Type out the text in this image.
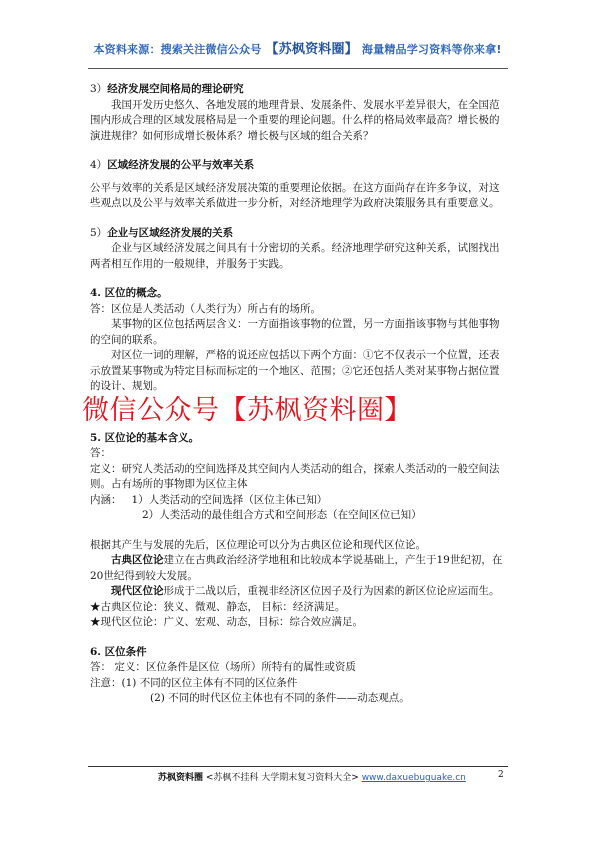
本资料来源：搜索关注微信公众号 【苏枫资料圈】 海量精品学习资料等你来拿!

3）经济发展空间格局的理论研究

我国开发历史悠久、各地发展的地理背景、发展条件、发展水平差异很大，在全国范围内形成合理的区域发展格局是一个重要的理论问题。什么样的格局效率最高？增长极的演进规律？如何形成增长极体系？增长极与区域的组合关系？

4）区域经济发展的公平与效率关系

公平与效率的关系是区域经济发展决策的重要理论依据。在这方面尚存在许多争议，对这些观点以及公平与效率关系做进一步分析，对经济地理学为政府决策服务具有重要意义。

5）企业与区域经济发展的关系

企业与区域经济发展之间具有十分密切的关系。经济地理学研究这种关系，试图找出两者相互作用的一般规律，并服务于实践。

4. 区位的概念。

答：区位是人类活动（人类行为）所占有的场所。

某事物的区位包括两层含义：一方面指该事物的位置，另一方面指该事物与其他事物的空间的联系。

对区位一词的理解，严格的说还应包括以下两个方面：①它不仅表示一个位置，还表示放置某事物或为特定目标而标定的一个地区、范围；②它还包括人类对某事物占据位置的设计、规划。

5. 区位论的基本含义。

答：

定义：研究人类活动的空间选择及其空间内人类活动的组合，探索人类活动的一般空间法则。占有场所的事物即为区位主体

内涵： 1）人类活动的空间选择（区位主体已知）

2）人类活动的最佳组合方式和空间形态（在空间区位已知）

根据其产生与发展的先后，区位理论可以分为古典区位论和现代区位论。

古典区位论建立在古典政治经济学地租和比较成本学说基础上，产生于19世纪初，在20世纪得到较大发展。

现代区位论形成于二战以后，重视非经济区位因子及行为因素的新区位论应运而生。

★古典区位论：狭义、微观、静态， 目标：经济满足。

★现代区位论：广义、宏观、动态，目标：综合效应满足。

6. 区位条件

答： 定义：区位条件是区位（场所）所特有的属性或资质

注意：(1) 不同的区位主体有不同的区位条件

(2) 不同的时代区位主体也有不同的条件——动态观点。

微信公众号【苏枫资料圈】
苏枫资料圈 <苏枫不挂科 大学期末复习资料大全> www.daxuebuguake.cn	2
